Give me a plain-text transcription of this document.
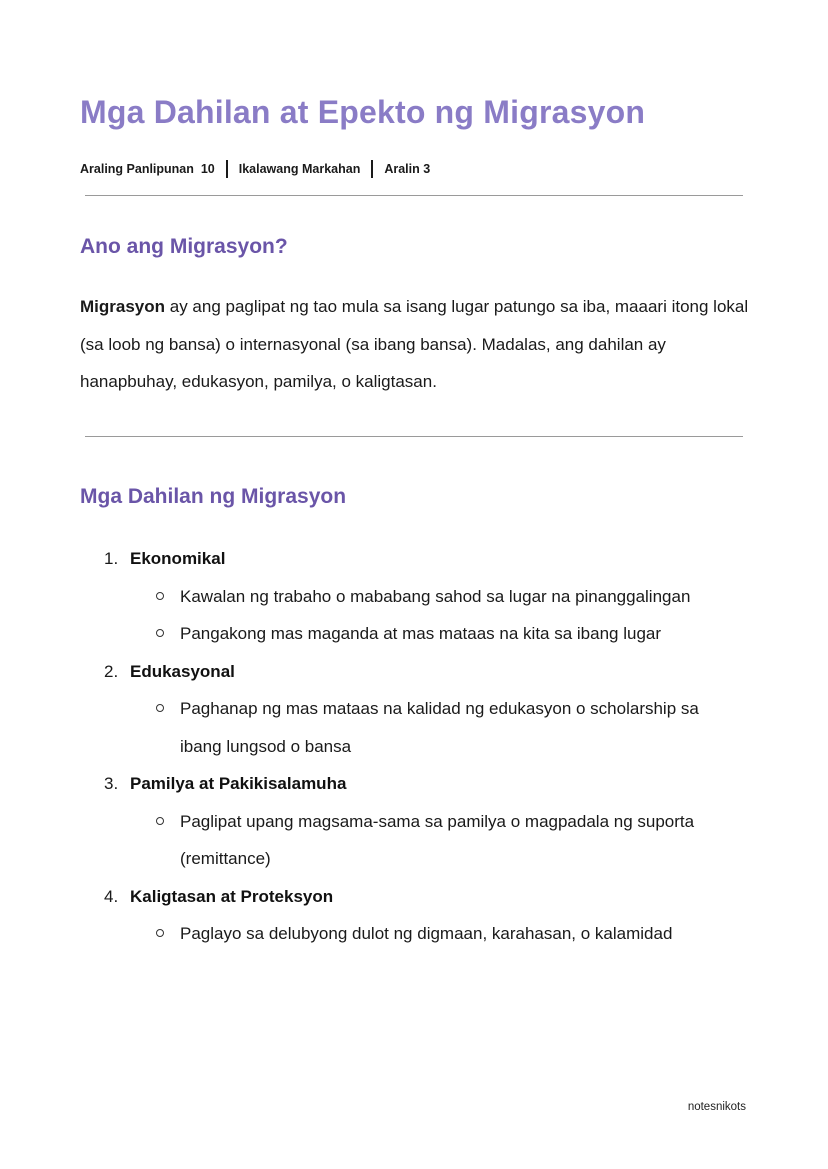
Mga Dahilan at Epekto ng Migrasyon
Araling Panlipunan  10 Ikalawang Markahan Aralin 3
Ano ang Migrasyon?

Migrasyon ay ang paglipat ng tao mula sa isang lugar patungo sa iba, maaari itong lokal (sa loob ng bansa) o internasyonal (sa ibang bansa). Madalas, ang dahilan ay hanapbuhay, edukasyon, pamilya, o kaligtasan.

Mga Dahilan ng Migrasyon
1. Ekonomikal
Kawalan ng trabaho o mababang sahod sa lugar na pinanggalingan
Pangakong mas maganda at mas mataas na kita sa ibang lugar
2. Edukasyonal
Paghanap ng mas mataas na kalidad ng edukasyon o scholarship sa ibang lungsod o bansa
3. Pamilya at Pakikisalamuha
Paglipat upang magsama-sama sa pamilya o magpadala ng suporta (remittance)
4. Kaligtasan at Proteksyon
Paglayo sa delubyong dulot ng digmaan, karahasan, o kalamidad
notesnikots
